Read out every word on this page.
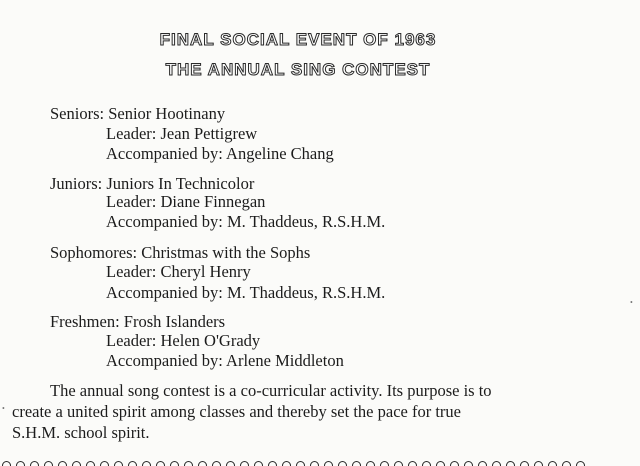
FINAL SOCIAL EVENT OF 1963
THE ANNUAL SING CONTEST
Seniors: Senior Hootinany
Leader: Jean Pettigrew
Accompanied by: Angeline Chang
Juniors: Juniors In Technicolor
Leader: Diane Finnegan
Accompanied by: M. Thaddeus, R.S.H.M.
Sophomores: Christmas with the Sophs
Leader: Cheryl Henry
Accompanied by: M. Thaddeus, R.S.H.M.
Freshmen: Frosh Islanders
Leader: Helen O'Grady
Accompanied by: Arlene Middleton
The annual song contest is a co-curricular activity. Its purpose is to
create a united spirit among classes and thereby set the pace for true
S.H.M. school spirit.
•
•
